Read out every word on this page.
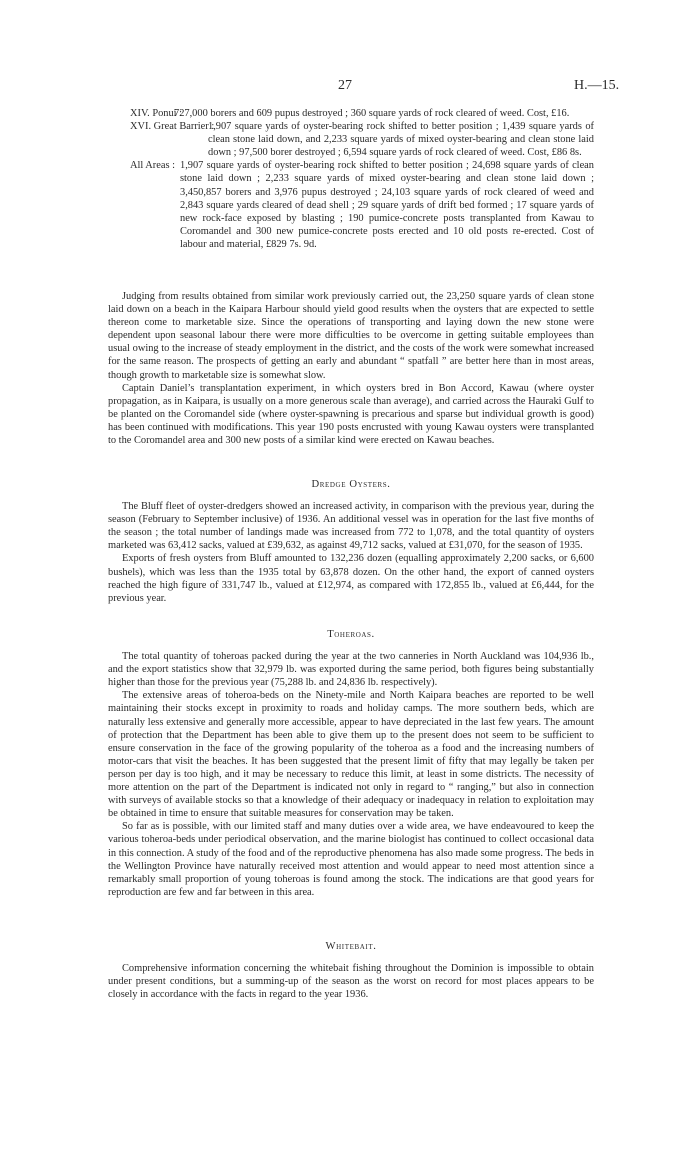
27	H.—15.
XIV. Ponui :
727,000 borers and 609 pupus destroyed ; 360 square yards of rock cleared of weed. Cost, £16.
XVI. Great Barrier :
1,907 square yards of oyster-bearing rock shifted to better position ; 1,439 square yards of clean stone laid down, and 2,233 square yards of mixed oyster-bearing and clean stone laid down ; 97,500 borer destroyed ; 6,594 square yards of rock cleared of weed. Cost, £86 8s.
All Areas : 1,907 square yards of oyster-bearing rock shifted to better position ; 24,698 square yards of clean stone laid down ; 2,233 square yards of mixed oyster-bearing and clean stone laid down ; 3,450,857 borers and 3,976 pupus destroyed ; 24,103 square yards of rock cleared of weed and 2,843 square yards cleared of dead shell ; 29 square yards of drift bed formed ; 17 square yards of new rock-face exposed by blasting ; 190 pumice-concrete posts transplanted from Kawau to Coromandel and 300 new pumice-concrete posts erected and 10 old posts re-erected. Cost of labour and material, £829 7s. 9d.

Judging from results obtained from similar work previously carried out, the 23,250 square yards of clean stone laid down on a beach in the Kaipara Harbour should yield good results when the oysters that are expected to settle thereon come to marketable size. Since the operations of transporting and laying down the new stone were dependent upon seasonal labour there were more difficulties to be overcome in getting suitable employees than usual owing to the increase of steady employment in the district, and the costs of the work were somewhat increased for the same reason. The prospects of getting an early and abundant “ spatfall ” are better here than in most areas, though growth to marketable size is somewhat slow.

Captain Daniel’s transplantation experiment, in which oysters bred in Bon Accord, Kawau (where oyster propagation, as in Kaipara, is usually on a more generous scale than average), and carried across the Hauraki Gulf to be planted on the Coromandel side (where oyster-spawning is precarious and sparse but individual growth is good) has been continued with modifications. This year 190 posts encrusted with young Kawau oysters were transplanted to the Coromandel area and 300 new posts of a similar kind were erected on Kawau beaches.

Dredge Oysters.

The Bluff fleet of oyster-dredgers showed an increased activity, in comparison with the previous year, during the season (February to September inclusive) of 1936. An additional vessel was in operation for the last five months of the season ; the total number of landings made was increased from 772 to 1,078, and the total quantity of oysters marketed was 63,412 sacks, valued at £39,632, as against 49,712 sacks, valued at £31,070, for the season of 1935.

Exports of fresh oysters from Bluff amounted to 132,236 dozen (equalling approximately 2,200 sacks, or 6,600 bushels), which was less than the 1935 total by 63,878 dozen. On the other hand, the export of canned oysters reached the high figure of 331,747 lb., valued at £12,974, as compared with 172,855 lb., valued at £6,444, for the previous year.

Toheroas.

The total quantity of toheroas packed during the year at the two canneries in North Auckland was 104,936 lb., and the export statistics show that 32,979 lb. was exported during the same period, both figures being substantially higher than those for the previous year (75,288 lb. and 24,836 lb. respectively).

The extensive areas of toheroa-beds on the Ninety-mile and North Kaipara beaches are reported to be well maintaining their stocks except in proximity to roads and holiday camps. The more southern beds, which are naturally less extensive and generally more accessible, appear to have depreciated in the last few years. The amount of protection that the Department has been able to give them up to the present does not seem to be sufficient to ensure conservation in the face of the growing popularity of the toheroa as a food and the increasing numbers of motor-cars that visit the beaches. It has been suggested that the present limit of fifty that may legally be taken per person per day is too high, and it may be necessary to reduce this limit, at least in some districts. The necessity of more attention on the part of the Department is indicated not only in regard to “ ranging,” but also in connection with surveys of available stocks so that a knowledge of their adequacy or inadequacy in relation to exploitation may be obtained in time to ensure that suitable measures for conservation may be taken.

So far as is possible, with our limited staff and many duties over a wide area, we have endeavoured to keep the various toheroa-beds under periodical observation, and the marine biologist has continued to collect occasional data in this connection. A study of the food and of the reproductive phenomena has also made some progress. The beds in the Wellington Province have naturally received most attention and would appear to need most attention since a remarkably small proportion of young toheroas is found among the stock. The indications are that good years for reproduction are few and far between in this area.

Whitebait.

Comprehensive information concerning the whitebait fishing throughout the Dominion is impossible to obtain under present conditions, but a summing-up of the season as the worst on record for most places appears to be closely in accordance with the facts in regard to the year 1936.
